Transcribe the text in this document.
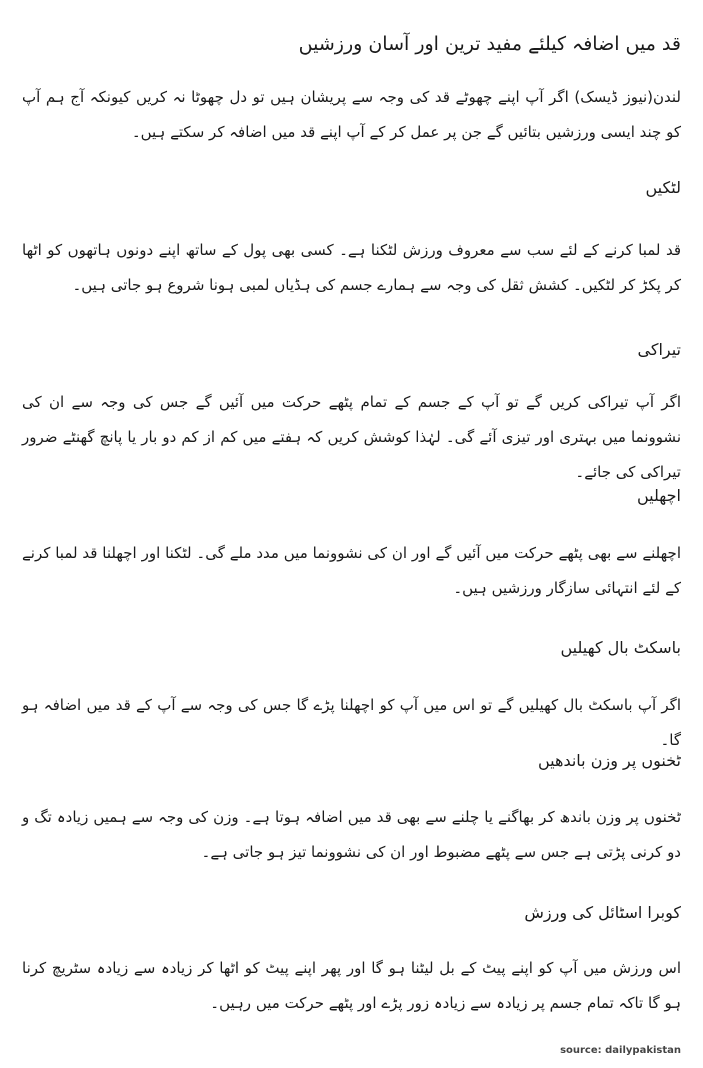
قد میں اضافہ کیلئے مفید ترین اور آسان ورزشیں

لندن(نیوز ڈیسک) اگر آپ اپنے چھوٹے قد کی وجہ سے پریشان ہیں تو دل چھوٹا نہ کریں کیونکہ آج ہم آپ کو چند ایسی ورزشیں بتائیں گے جن پر عمل کر کے آپ اپنے قد میں اضافہ کر سکتے ہیں۔

لٹکیں

قد لمبا کرنے کے لئے سب سے معروف ورزش لٹکنا ہے۔ کسی بھی پول کے ساتھ اپنے دونوں ہاتھوں کو اٹھا کر پکڑ کر لٹکیں۔ کشش ثقل کی وجہ سے ہمارے جسم کی ہڈیاں لمبی ہونا شروع ہو جاتی ہیں۔

تیراکی

اگر آپ تیراکی کریں گے تو آپ کے جسم کے تمام پٹھے حرکت میں آئیں گے جس کی وجہ سے ان کی نشوونما میں بہتری اور تیزی آئے گی۔ لہٰذا کوشش کریں کہ ہفتے میں کم از کم دو بار یا پانچ گھنٹے ضرور تیراکی کی جائے۔

اچھلیں

اچھلنے سے بھی پٹھے حرکت میں آئیں گے اور ان کی نشوونما میں مدد ملے گی۔ لٹکنا اور اچھلنا قد لمبا کرنے کے لئے انتہائی سازگار ورزشیں ہیں۔

باسکٹ بال کھیلیں

اگر آپ باسکٹ بال کھیلیں گے تو اس میں آپ کو اچھلنا پڑے گا جس کی وجہ سے آپ کے قد میں اضافہ ہو گا۔

ٹخنوں پر وزن باندھیں

ٹخنوں پر وزن باندھ کر بھاگنے یا چلنے سے بھی قد میں اضافہ ہوتا ہے۔ وزن کی وجہ سے ہمیں زیادہ تگ و دو کرنی پڑتی ہے جس سے پٹھے مضبوط اور ان کی نشوونما تیز ہو جاتی ہے۔

کوبرا اسٹائل کی ورزش

اس ورزش میں آپ کو اپنے پیٹ کے بل لیٹنا ہو گا اور پھر اپنے پیٹ کو اٹھا کر زیادہ سے زیادہ سٹریچ کرنا ہو گا تاکہ تمام جسم پر زیادہ سے زیادہ زور پڑے اور پٹھے حرکت میں رہیں۔

source: dailypakistan
